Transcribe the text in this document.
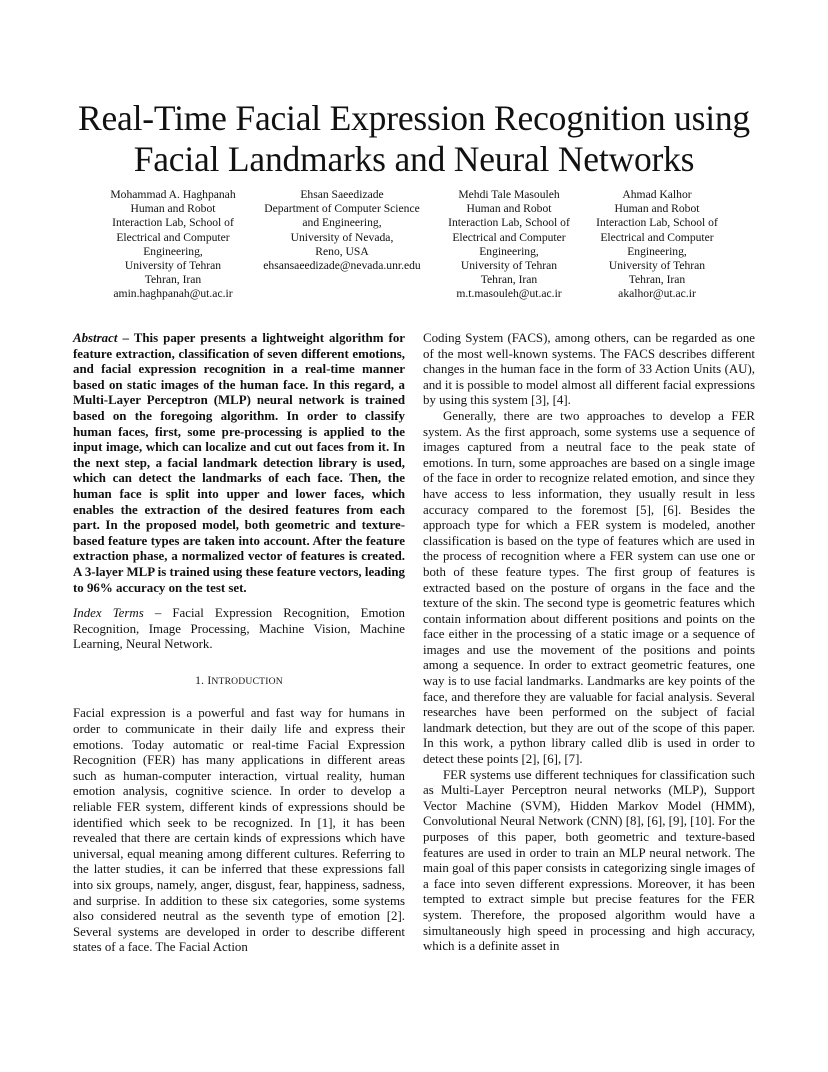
Real-Time Facial Expression Recognition using
Facial Landmarks and Neural Networks
Mohammad A. Haghpanah
Human and Robot
Interaction Lab, School of
Electrical and Computer
Engineering,
University of Tehran
Tehran, Iran
amin.haghpanah@ut.ac.ir
Ehsan Saeedizade
Department of Computer Science
and Engineering,
University of Nevada,
Reno, USA
ehsansaeedizade@nevada.unr.edu
Mehdi Tale Masouleh
Human and Robot
Interaction Lab, School of
Electrical and Computer
Engineering,
University of Tehran
Tehran, Iran
m.t.masouleh@ut.ac.ir
Ahmad Kalhor
Human and Robot
Interaction Lab, School of
Electrical and Computer
Engineering,
University of Tehran
Tehran, Iran
akalhor@ut.ac.ir

Abstract – This paper presents a lightweight algorithm for feature extraction, classification of seven different emotions, and facial expression recognition in a real-time manner based on static images of the human face. In this regard, a Multi-Layer Perceptron (MLP) neural network is trained based on the foregoing algorithm. In order to classify human faces, first, some pre-processing is applied to the input image, which can localize and cut out faces from it. In the next step, a facial landmark detection library is used, which can detect the landmarks of each face. Then, the human face is split into upper and lower faces, which enables the extraction of the desired features from each part. In the proposed model, both geometric and texture-based feature types are taken into account. After the feature extraction phase, a normalized vector of features is created. A 3-layer MLP is trained using these feature vectors, leading to 96% accuracy on the test set.

Index Terms – Facial Expression Recognition, Emotion Recognition, Image Processing, Machine Vision, Machine Learning, Neural Network.

1. INTRODUCTION

Facial expression is a powerful and fast way for humans in order to communicate in their daily life and express their emotions. Today automatic or real-time Facial Expression Recognition (FER) has many applications in different areas such as human-computer interaction, virtual reality, human emotion analysis, cognitive science. In order to develop a reliable FER system, different kinds of expressions should be identified which seek to be recognized. In [1], it has been revealed that there are certain kinds of expressions which have universal, equal meaning among different cultures. Referring to the latter studies, it can be inferred that these expressions fall into six groups, namely, anger, disgust, fear, happiness, sadness, and surprise. In addition to these six categories, some systems also considered neutral as the seventh type of emotion [2]. Several systems are developed in order to describe different states of a face. The Facial Action

Coding System (FACS), among others, can be regarded as one of the most well-known systems. The FACS describes different changes in the human face in the form of 33 Action Units (AU), and it is possible to model almost all different facial expressions by using this system [3], [4].

Generally, there are two approaches to develop a FER system. As the first approach, some systems use a sequence of images captured from a neutral face to the peak state of emotions. In turn, some approaches are based on a single image of the face in order to recognize related emotion, and since they have access to less information, they usually result in less accuracy compared to the foremost [5], [6]. Besides the approach type for which a FER system is modeled, another classification is based on the type of features which are used in the process of recognition where a FER system can use one or both of these feature types. The first group of features is extracted based on the posture of organs in the face and the texture of the skin. The second type is geometric features which contain information about different positions and points on the face either in the processing of a static image or a sequence of images and use the movement of the positions and points among a sequence. In order to extract geometric features, one way is to use facial landmarks. Landmarks are key points of the face, and therefore they are valuable for facial analysis. Several researches have been performed on the subject of facial landmark detection, but they are out of the scope of this paper. In this work, a python library called dlib is used in order to detect these points [2], [6], [7].

FER systems use different techniques for classification such as Multi-Layer Perceptron neural networks (MLP), Support Vector Machine (SVM), Hidden Markov Model (HMM), Convolutional Neural Network (CNN) [8], [6], [9], [10]. For the purposes of this paper, both geometric and texture-based features are used in order to train an MLP neural network. The main goal of this paper consists in categorizing single images of a face into seven different expressions. Moreover, it has been tempted to extract simple but precise features for the FER system. Therefore, the proposed algorithm would have a simultaneously high speed in processing and high accuracy, which is a definite asset in
